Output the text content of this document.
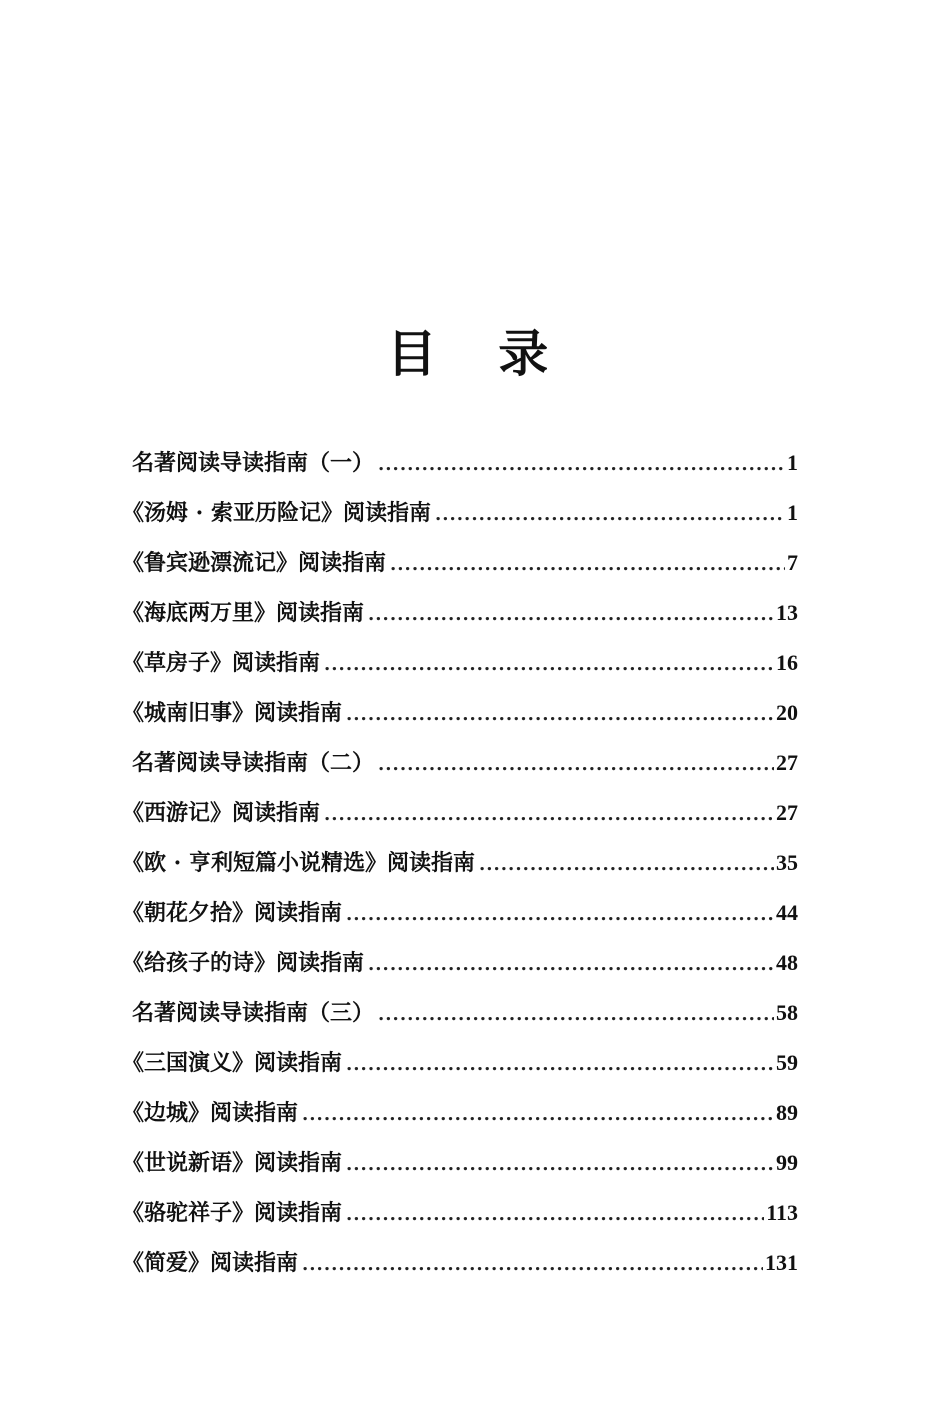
目 录
名著阅读导读指南（一） .....	1
《汤姆 · 索亚历险记》阅读指南 .....	1
《鲁宾逊漂流记》阅读指南 .....	7
《海底两万里》阅读指南 .....	13
《草房子》阅读指南 .....	16
《城南旧事》阅读指南 .....	20
名著阅读导读指南（二） .....	27
《西游记》阅读指南 .....	27
《欧 · 亨利短篇小说精选》阅读指南 .....	35
《朝花夕拾》阅读指南 .....	44
《给孩子的诗》阅读指南 .....	48
名著阅读导读指南（三） .....	58
《三国演义》阅读指南 .....	59
《边城》阅读指南 .....	89
《世说新语》阅读指南 .....	99
《骆驼祥子》阅读指南 .....	113
《简爱》阅读指南 .....	131
